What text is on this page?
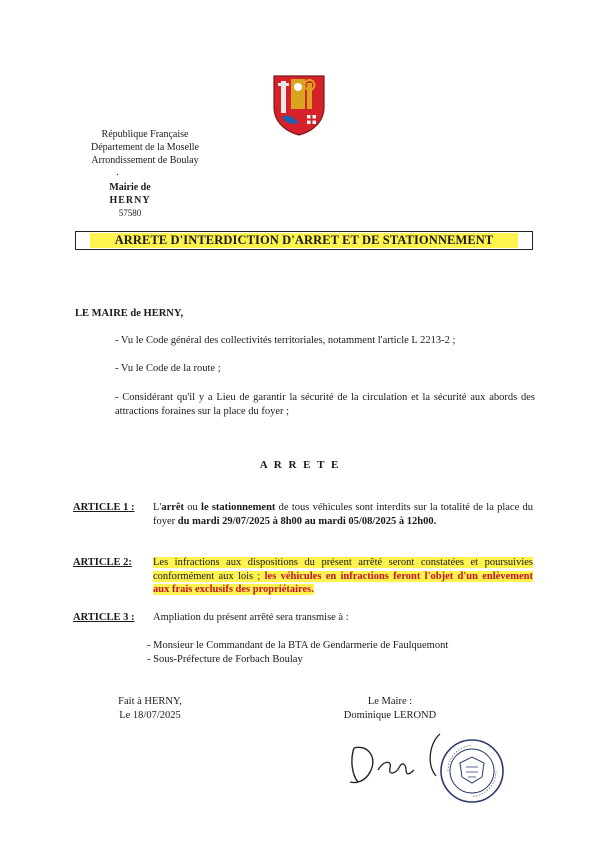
République Française
Département de la Moselle
Arrondissement de Boulay
·
Mairie de
HERNY
57580
ARRETE D'INTERDICTION D'ARRET ET DE STATIONNEMENT
LE MAIRE de HERNY,
- Vu le Code général des collectivités territoriales, notamment l'article L 2213-2 ;
- Vu le Code de la route ;
- Considérant qu'il y a Lieu de garantir la sécurité de la circulation et la sécurité aux abords des attractions foraines sur la place du foyer ;
A R R E T E
ARTICLE 1 : L'arrêt ou le stationnement de tous véhicules sont interdits sur la totalité de la place du foyer du mardi 29/07/2025 à 8h00 au mardi 05/08/2025 à 12h00.
ARTICLE 2: Les infractions aux dispositions du présent arrêté seront constatées et poursuivies conformément aux lois ; les véhicules en infractions feront l'objet d'un enlèvement aux frais exclusifs des propriétaires.
ARTICLE 3 : Ampliation du présent arrêté sera transmise à :
- Monsieur le Commandant de la BTA de Gendarmerie de Faulquemont
- Sous-Préfecture de Forbach Boulay
Fait à HERNY,
Le 18/07/2025
Le Maire :
Dominique LEROND
